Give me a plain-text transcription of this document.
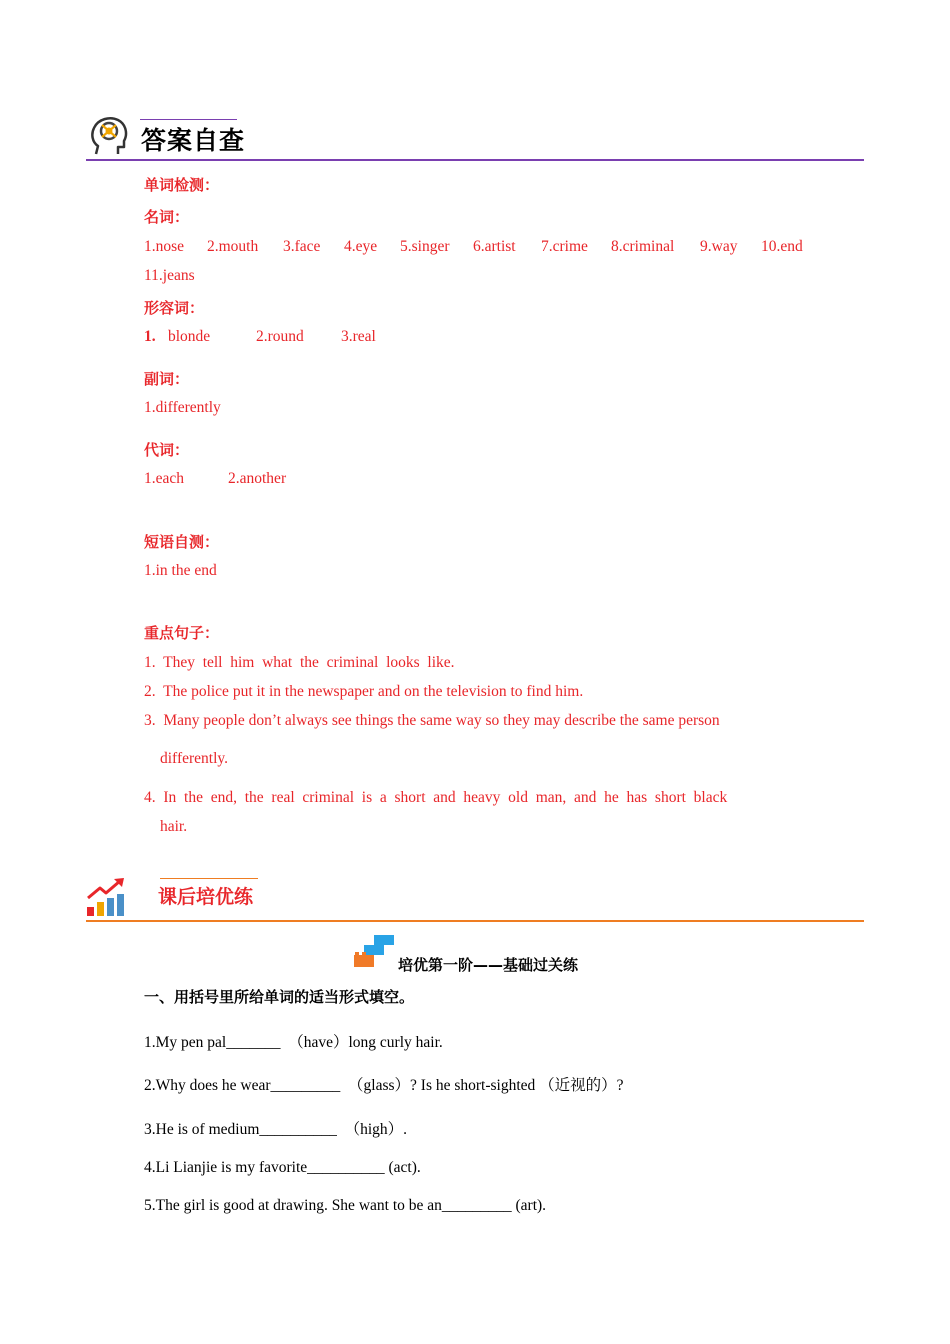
答案自查
单词检测：
名词：
1.nose 2.mouth 3.face 4.eye 5.singer 6.artist 7.crime 8.criminal 9.way 10.end
11.jeans
形容词：
1. blonde	2.round 3.real
副词：
1.differently
代词：
1.each	2.another
短语自测：
1.in the end
重点句子：
1.  They  tell  him  what  the  criminal  looks  like.
2.  The police put it in the newspaper and on the television to find him.
3.  Many people don’t always see things the same way so they may describe the same person
differently.
4.  In  the  end,  the  real  criminal  is  a  short  and  heavy  old  man,  and  he  has  short  black
hair.
课后培优练
培优第一阶——基础过关练
一、用括号里所给单词的适当形式填空。
1.My pen pal_______  （have）long curly hair.
2.Why does he wear_________  （glass）? Is he short-sighted （近视的）?
3.He is of medium__________  （high）.
4.Li Lianjie is my favorite__________ (act).
5.The girl is good at drawing. She want to be an_________ (art).
